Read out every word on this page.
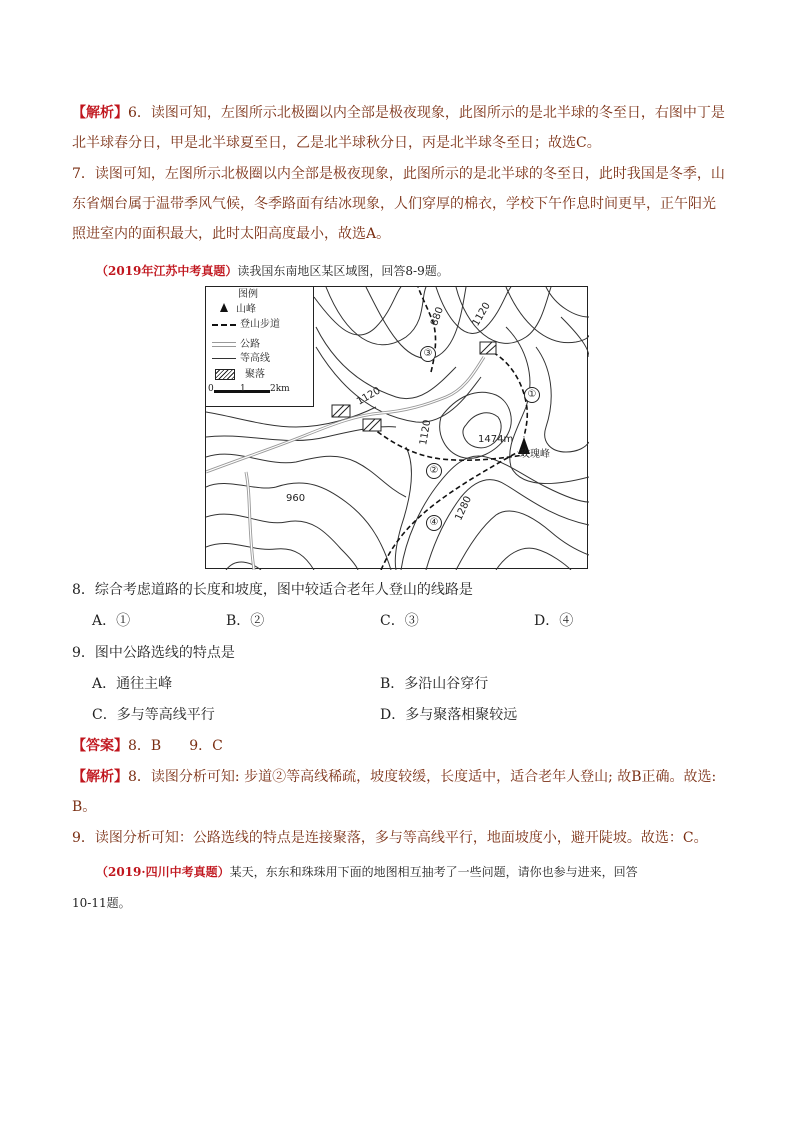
【解析】6．读图可知，左图所示北极圈以内全部是极夜现象，此图所示的是北半球的冬至日，右图中丁是
北半球春分日，甲是北半球夏至日，乙是北半球秋分日，丙是北半球冬至日；故选C。
7．读图可知，左图所示北极圈以内全部是极夜现象，此图所示的是北半球的冬至日，此时我国是冬季，山
东省烟台属于温带季风气候，冬季路面有结冰现象，人们穿厚的棉衣，学校下午作息时间更早，正午阳光
照进室内的面积最大，此时太阳高度最小，故选A。
（2019年江苏中考真题）读我国东南地区某区域图，回答8-9题。
图例
山峰
登山步道
公路
等高线
聚落
0	1	2km
880 1120
1120
1120
960	1280
1474m
玫瑰峰
①
②
③
④
8．综合考虑道路的长度和坡度，图中较适合老年人登山的线路是
A．①	B．②	C．③	D．④
9．图中公路选线的特点是
A．通往主峰	B．多沿山谷穿行
C．多与等高线平行	D．多与聚落相聚较远
【答案】8．B　　9．C
【解析】8．读图分析可知: 步道②等高线稀疏，坡度较缓，长度适中，适合老年人登山; 故B正确。故选:
B。
9．读图分析可知：公路选线的特点是连接聚落，多与等高线平行，地面坡度小，避开陡坡。故选：C。
（2019·四川中考真题）某天，东东和珠珠用下面的地图相互抽考了一些问题，请你也参与进来，回答
10-11题。
